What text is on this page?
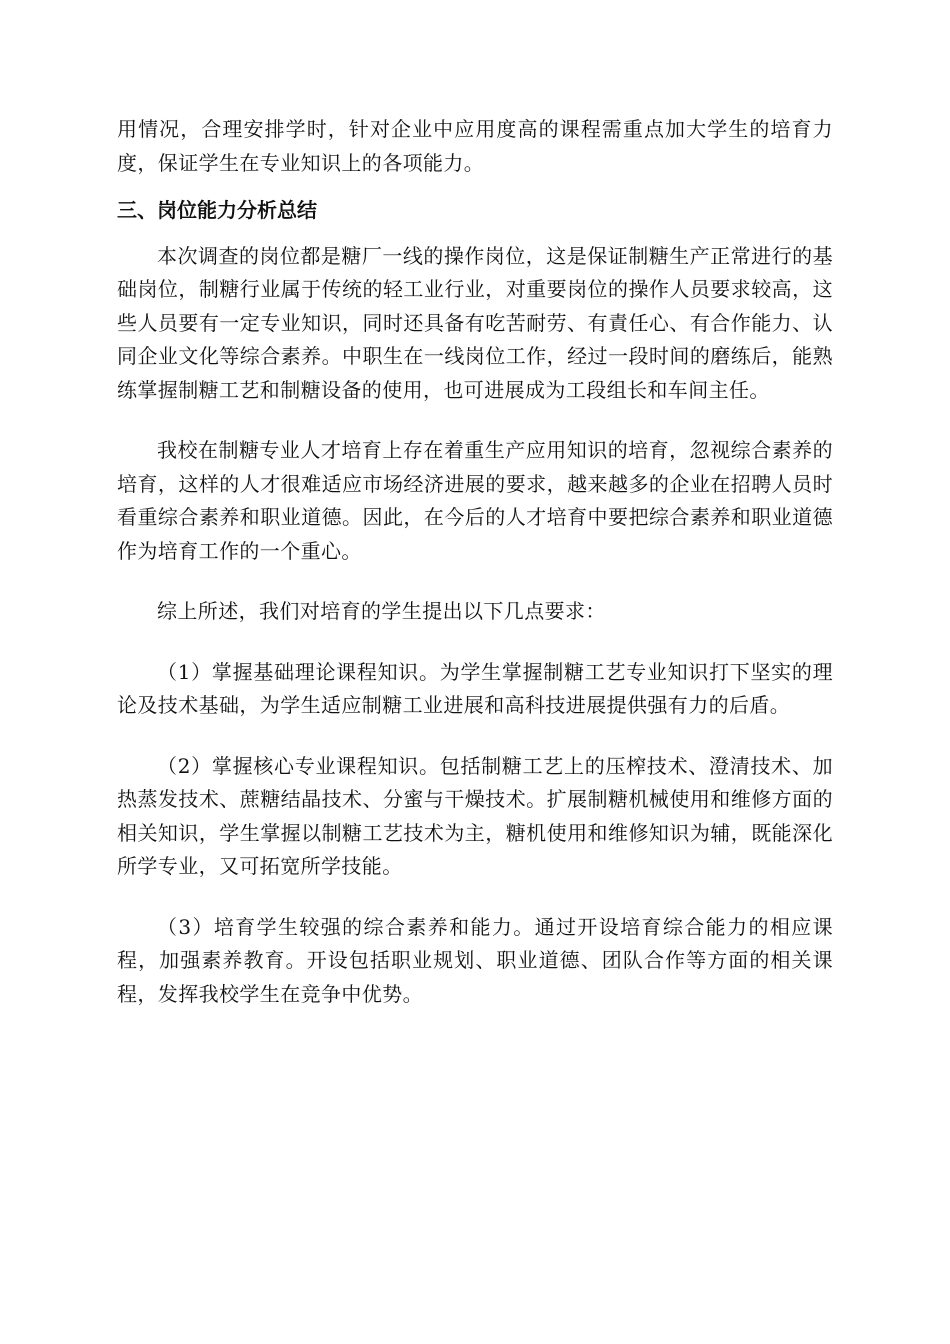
用情况，合理安排学时，针对企业中应用度高的课程需重点加大学生的培育力度，保证学生在专业知识上的各项能力。

三、岗位能力分析总结

本次调查的岗位都是糖厂一线的操作岗位，这是保证制糖生产正常进行的基础岗位，制糖行业属于传统的轻工业行业，对重要岗位的操作人员要求较高，这些人员要有一定专业知识，同时还具备有吃苦耐劳、有責任心、有合作能力、认同企业文化等综合素养。中职生在一线岗位工作，经过一段时间的磨练后，能熟练掌握制糖工艺和制糖设备的使用，也可进展成为工段组长和车间主任。

我校在制糖专业人才培育上存在着重生产应用知识的培育，忽视综合素养的培育，这样的人才很难适应市场经济进展的要求，越来越多的企业在招聘人员时看重综合素养和职业道德。因此，在今后的人才培育中要把综合素养和职业道德作为培育工作的一个重心。

综上所述，我们对培育的学生提出以下几点要求：

（1）掌握基础理论课程知识。为学生掌握制糖工艺专业知识打下坚实的理论及技术基础，为学生适应制糖工业进展和高科技进展提供强有力的后盾。

（2）掌握核心专业课程知识。包括制糖工艺上的压榨技术、澄清技术、加热蒸发技术、蔗糖结晶技术、分蜜与干燥技术。扩展制糖机械使用和维修方面的相关知识，学生掌握以制糖工艺技术为主，糖机使用和维修知识为辅，既能深化所学专业，又可拓宽所学技能。

（3）培育学生较强的综合素养和能力。通过开设培育综合能力的相应课程，加强素养教育。开设包括职业规划、职业道德、团队合作等方面的相关课程，发挥我校学生在竞争中优势。
